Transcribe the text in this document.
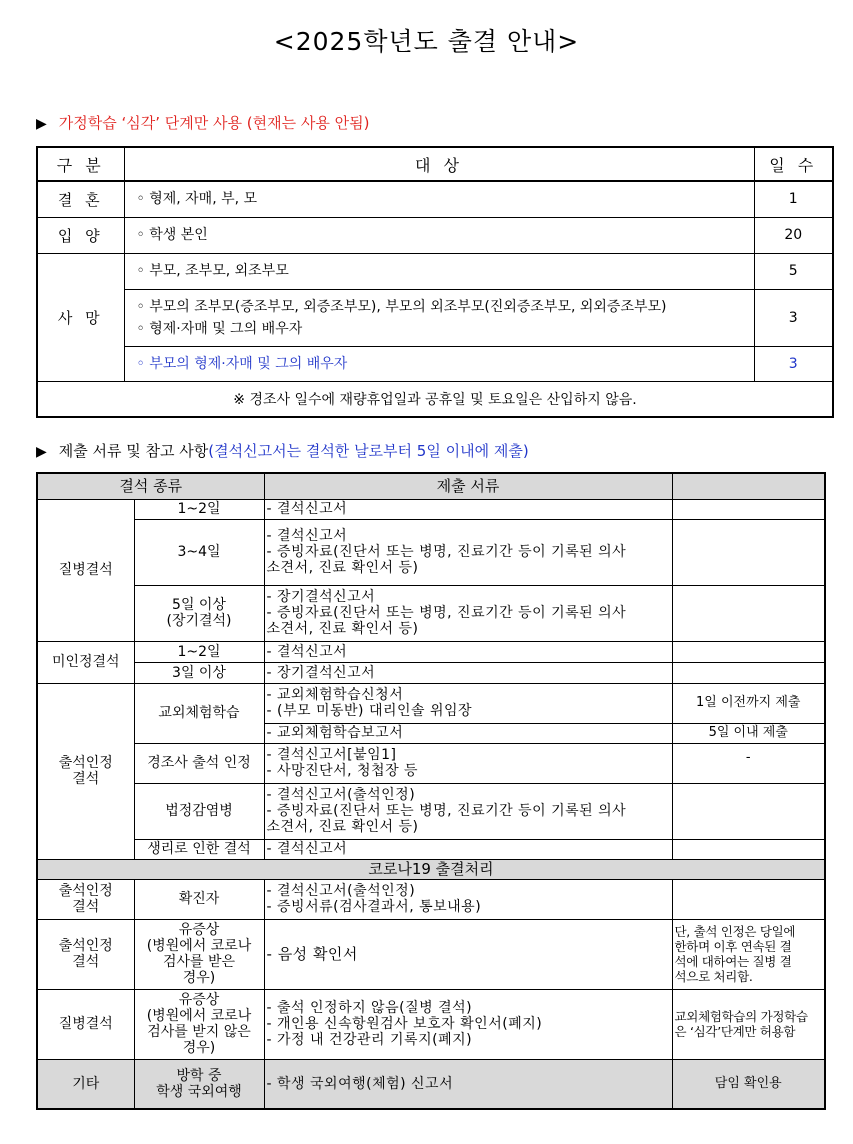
<2025학년도 출결 안내>
▶ 가정학습 ‘심각’ 단계만 사용 (현재는 사용 안됨)
구 분	대 상	일 수
결 혼	◦ 형제, 자매, 부, 모	1
입 양	◦ 학생 본인	20
사 망	◦ 부모, 조부모, 외조부모	5

	◦ 부모의 조부모(증조부모, 외증조부모), 부모의 외조부모(진외증조부모, 외외증조부모)
◦ 형제·자매 및 그의 배우자	3
	◦ 부모의 형제·자매 및 그의 배우자	3
※ 경조사 일수에 재량휴업일과 공휴일 및 토요일은 산입하지 않음.		
▶ 제출 서류 및 참고 사항(결석신고서는 결석한 날로부터 5일 이내에 제출)
결석 종류		제출 서류	
질병결석	1~2일	- 결석신고서	
	3~4일	- 결석신고서
- 증빙자료(진단서 또는 병명, 진료기간 등이 기록된 의사
소견서, 진료 확인서 등)	

	5일 이상
(장기결석)	- 장기결석신고서
- 증빙자료(진단서 또는 병명, 진료기간 등이 기록된 의사
소견서, 진료 확인서 등)	

미인정결석	1~2일	- 결석신고서	
	3일 이상	- 장기결석신고서	

출석인정
결석	교외체험학습	- 교외체험학습신청서
- (부모 미동반) 대리인솔 위임장	1일 이전까지 제출
		- 교외체험학습보고서	5일 이내 제출
	경조사 출석 인정	- 결석신고서[붙임1]
- 사망진단서, 청첩장 등	-
	법정감염병	- 결석신고서(출석인정)
- 증빙자료(진단서 또는 병명, 진료기간 등이 기록된 의사
소견서, 진료 확인서 등)	

	생리로 인한 결석	- 결석신고서	

코로나19 출결처리			

출석인정
결석	확진자	- 결석신고서(출석인정)
- 증빙서류(검사결과서, 통보내용)	

출석인정
결석	유증상
(병원에서 코로나
검사를 받은
경우)	- 음성 확인서	단, 출석 인정은 당일에
한하며 이후 연속된 결
석에 대하여는 질병 결
석으로 처리함.

질병결석	유증상
(병원에서 코로나
검사를 받지 않은
경우)	- 출석 인정하지 않음(질병 결석)
- 개인용 신속항원검사 보호자 확인서(폐지)
- 가정 내 건강관리 기록지(폐지)	교외체험학습의 가정학습
은 ‘심각’단계만 허용함

기타	방학 중
학생 국외여행	- 학생 국외여행(체험) 신고서	담임 확인용
